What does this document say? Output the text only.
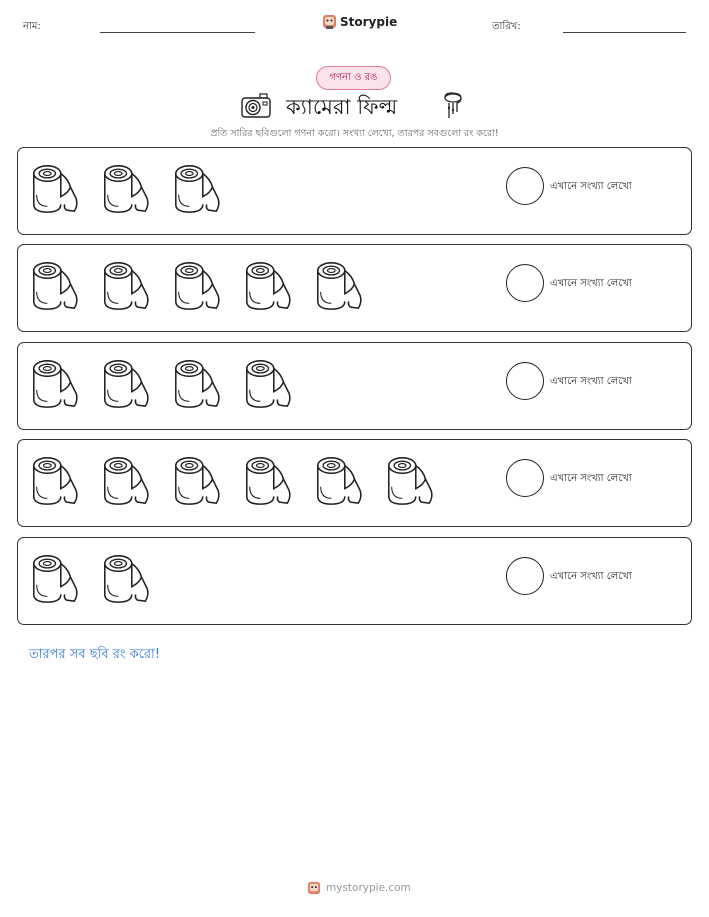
নাম:	Storypie	তারিখ:
গণনা ও রঙ
ক্যামেরা ফিল্ম
প্রতি সারির ছবিগুলো গণনা করো। সংখ্যা লেখো, তারপর সবগুলো রং করো!
এখানে সংখ্যা লেখো
এখানে সংখ্যা লেখো
এখানে সংখ্যা লেখো
এখানে সংখ্যা লেখো
এখানে সংখ্যা লেখো
তারপর সব ছবি রং করো!
mystorypie.com
